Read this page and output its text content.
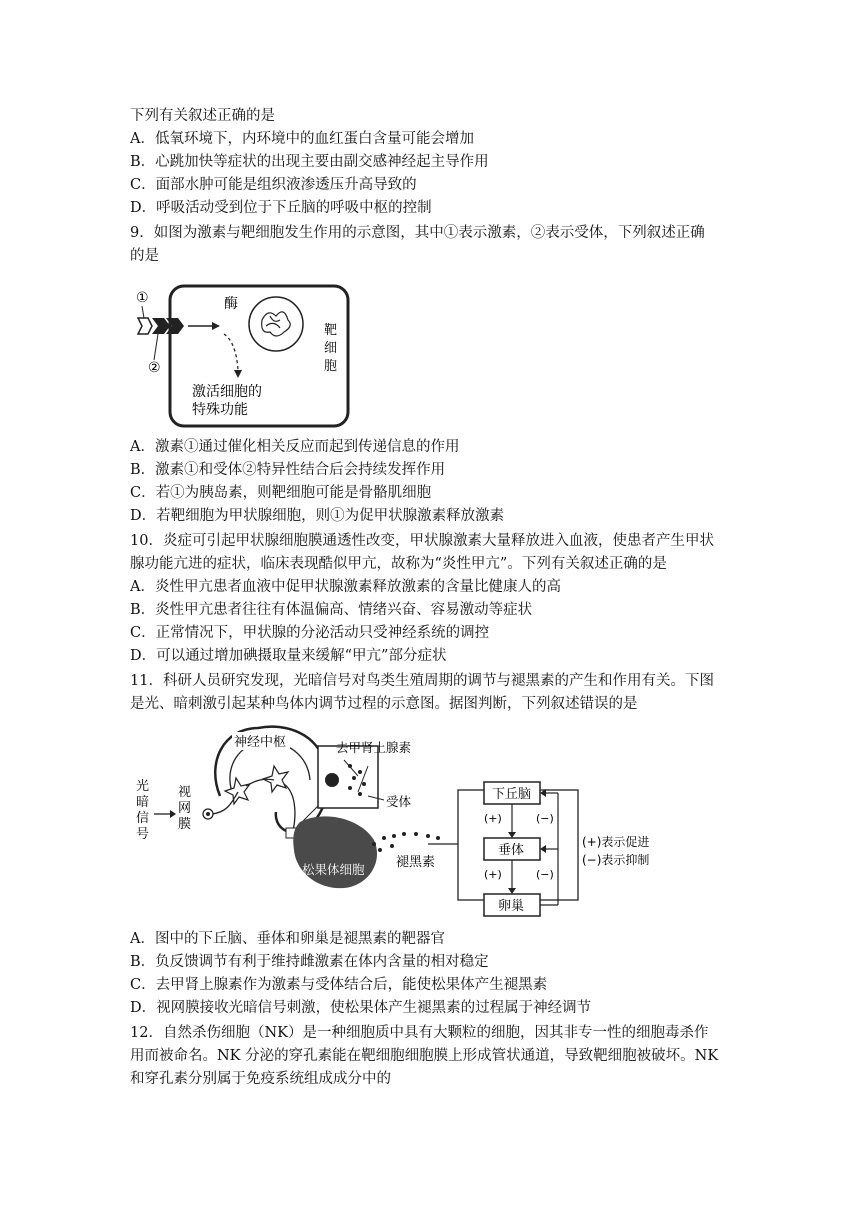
下列有关叙述正确的是
A．低氧环境下，内环境中的血红蛋白含量可能会增加
B．心跳加快等症状的出现主要由副交感神经起主导作用
C．面部水肿可能是组织液渗透压升高导致的
D．呼吸活动受到位于下丘脑的呼吸中枢的控制
9．如图为激素与靶细胞发生作用的示意图，其中①表示激素，②表示受体，下列叙述正确
的是
①
②
酶
激活细胞的
特殊功能
靶
细
胞
A．激素①通过催化相关反应而起到传递信息的作用
B．激素①和受体②特异性结合后会持续发挥作用
C．若①为胰岛素，则靶细胞可能是骨骼肌细胞
D．若靶细胞为甲状腺细胞，则①为促甲状腺激素释放激素
10．炎症可引起甲状腺细胞膜通透性改变，甲状腺激素大量释放进入血液，使患者产生甲状
腺功能亢进的症状，临床表现酷似甲亢，故称为“炎性甲亢”。下列有关叙述正确的是
A．炎性甲亢患者血液中促甲状腺激素释放激素的含量比健康人的高
B．炎性甲亢患者往往有体温偏高、情绪兴奋、容易激动等症状
C．正常情况下，甲状腺的分泌活动只受神经系统的调控
D．可以通过增加碘摄取量来缓解“甲亢”部分症状
11．科研人员研究发现，光暗信号对鸟类生殖周期的调节与褪黑素的产生和作用有关。下图
是光、暗刺激引起某种鸟体内调节过程的示意图。据图判断，下列叙述错误的是
光
暗
信
号
视
网
膜
神经中枢	去甲肾上腺素
受体
松果体细胞 褪黑素
下丘脑
垂体
卵巢
(+)
(+)
(−)
(−)
(+)表示促进
(−)表示抑制
A．图中的下丘脑、垂体和卵巢是褪黑素的靶器官
B．负反馈调节有利于维持雌激素在体内含量的相对稳定
C．去甲肾上腺素作为激素与受体结合后，能使松果体产生褪黑素
D．视网膜接收光暗信号刺激，使松果体产生褪黑素的过程属于神经调节
12．自然杀伤细胞（NK）是一种细胞质中具有大颗粒的细胞，因其非专一性的细胞毒杀作
用而被命名。NK 分泌的穿孔素能在靶细胞细胞膜上形成管状通道，导致靶细胞被破坏。NK
和穿孔素分别属于免疫系统组成成分中的
